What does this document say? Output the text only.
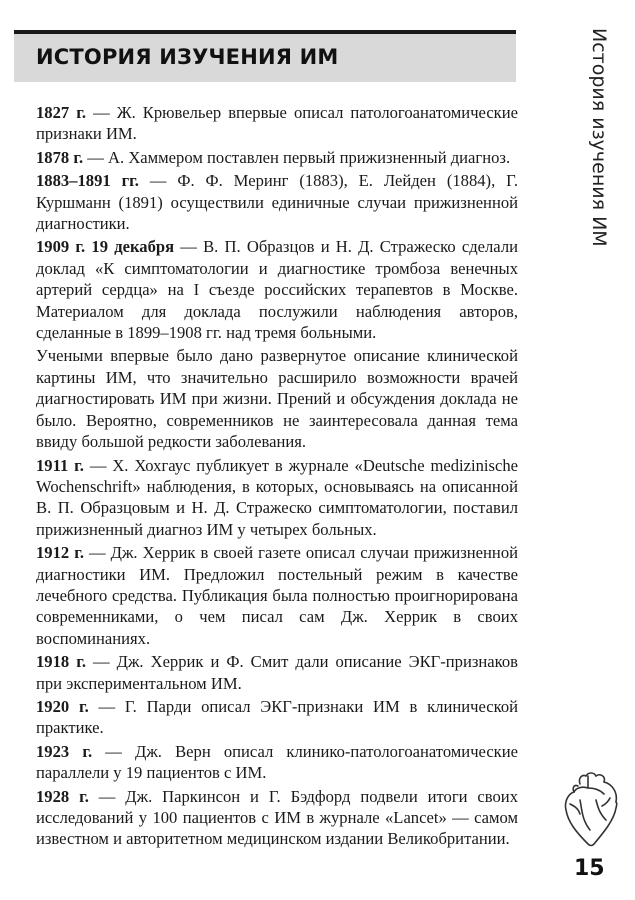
ИСТОРИЯ ИЗУЧЕНИЯ ИМ	История изучения ИМ

1827 г. — Ж. Крювельер впервые описал патологоанатомические признаки ИМ.

1878 г. — А. Хаммером поставлен первый прижизненный диагноз.

1883–1891 гг. — Ф. Ф. Меринг (1883), Е. Лейден (1884), Г. Куршманн (1891) осуществили единичные случаи прижизненной диагностики.

1909 г. 19 декабря — В. П. Образцов и Н. Д. Стражеско сделали доклад «К симптоматологии и диагностике тромбоза венечных артерий сердца» на I съезде российских терапевтов в Москве. Материалом для доклада послужили наблюдения авторов, сделанные в 1899–1908 гг. над тремя больными.

Учеными впервые было дано развернутое описание клинической картины ИМ, что значительно расширило возможности врачей диагностировать ИМ при жизни. Прений и обсуждения доклада не было. Вероятно, современников не заинтересовала данная тема ввиду большой редкости заболевания.

1911 г. — Х. Хохгаус публикует в журнале «Deutsche medizinische Wochenschrift» наблюдения, в которых, основываясь на описанной В. П. Образцовым и Н. Д. Стражеско симптоматологии, поставил прижизненный диагноз ИМ у четырех больных.

1912 г. — Дж. Херрик в своей газете описал случаи прижизненной диагностики ИМ. Предложил постельный режим в качестве лечебного средства. Публикация была полностью проигнорирована современниками, о чем писал сам Дж. Херрик в своих воспоминаниях.

1918 г. — Дж. Херрик и Ф. Смит дали описание ЭКГ-признаков при экспериментальном ИМ.

1920 г. — Г. Парди описал ЭКГ-признаки ИМ в клинической практике.

1923 г. — Дж. Верн описал клинико-патологоанатомические параллели у 19 пациентов с ИМ.

1928 г. — Дж. Паркинсон и Г. Бэдфорд подвели итоги своих исследований у 100 пациентов с ИМ в журнале «Lancet» — самом известном и авторитетном медицинском издании Великобритании.

15
